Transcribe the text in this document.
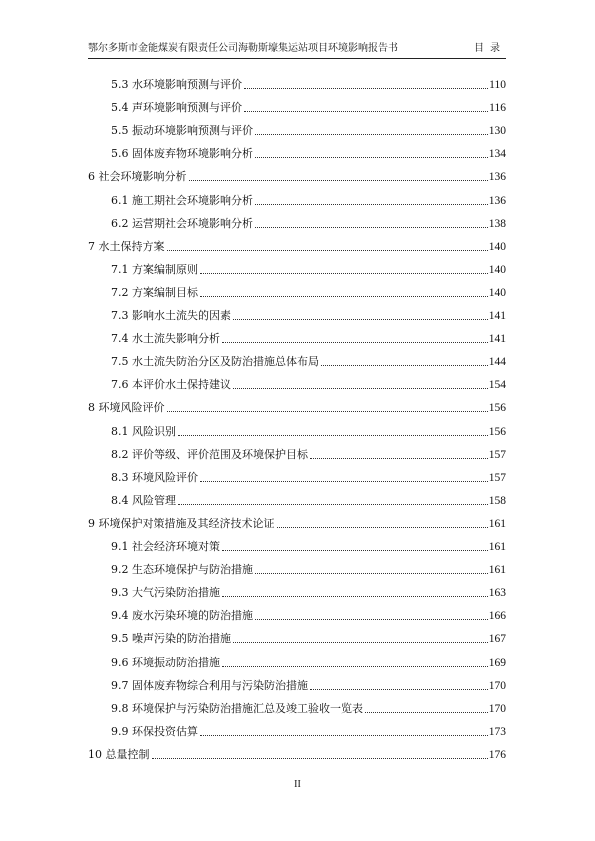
鄂尔多斯市金能煤炭有限责任公司海勒斯壕集运站项目环境影响报告书	目录
5.3 水环境影响预测与评价	110
5.4 声环境影响预测与评价	116
5.5 振动环境影响预测与评价	130
5.6 固体废弃物环境影响分析	134
6 社会环境影响分析	136
6.1 施工期社会环境影响分析	136
6.2 运营期社会环境影响分析	138
7 水土保持方案	140
7.1 方案编制原则	140
7.2 方案编制目标	140
7.3 影响水土流失的因素	141
7.4 水土流失影响分析	141
7.5 水土流失防治分区及防治措施总体布局	144
7.6 本评价水土保持建议	154
8 环境风险评价	156
8.1 风险识别	156
8.2 评价等级、评价范围及环境保护目标	157
8.3 环境风险评价	157
8.4 风险管理	158
9 环境保护对策措施及其经济技术论证	161
9.1 社会经济环境对策	161
9.2 生态环境保护与防治措施	161
9.3 大气污染防治措施	163
9.4 废水污染环境的防治措施	166
9.5 噪声污染的防治措施	167
9.6 环境振动防治措施	169
9.7 固体废弃物综合利用与污染防治措施	170
9.8 环境保护与污染防治措施汇总及竣工验收一览表	170
9.9 环保投资估算	173
10 总量控制	176
II
